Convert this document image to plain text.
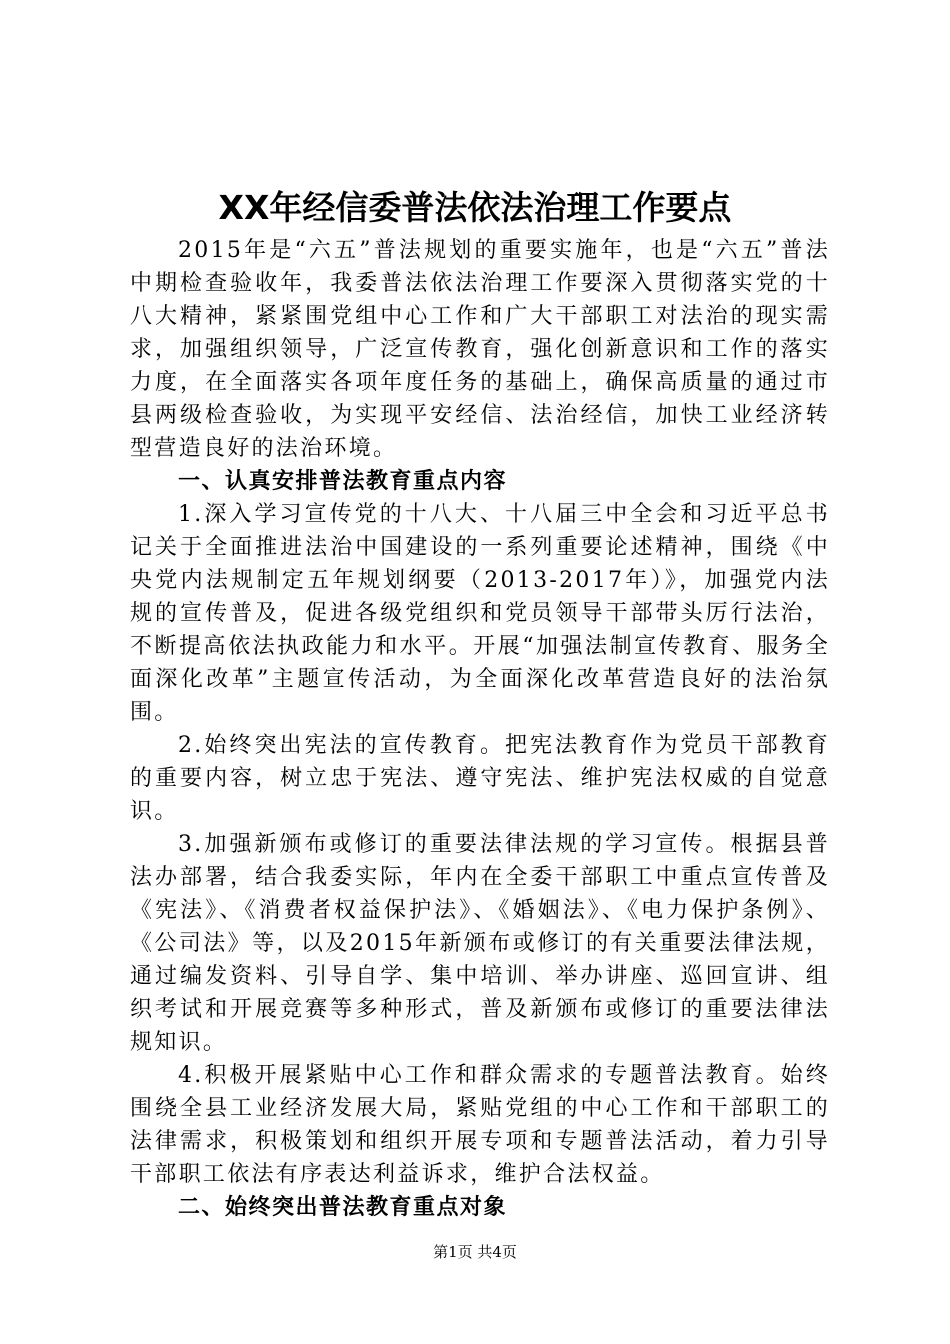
XX年经信委普法依法治理工作要点

2015年是“六五”普法规划的重要实施年，也是“六五”普法中期检查验收年，我委普法依法治理工作要深入贯彻落实党的十八大精神，紧紧围党组中心工作和广大干部职工对法治的现实需求，加强组织领导，广泛宣传教育，强化创新意识和工作的落实力度，在全面落实各项年度任务的基础上，确保高质量的通过市县两级检查验收，为实现平安经信、法治经信，加快工业经济转型营造良好的法治环境。

一、认真安排普法教育重点内容

1.深入学习宣传党的十八大、十八届三中全会和习近平总书记关于全面推进法治中国建设的一系列重要论述精神，围绕《中央党内法规制定五年规划纲要（2013-2017年）》，加强党内法规的宣传普及，促进各级党组织和党员领导干部带头厉行法治，不断提高依法执政能力和水平。开展“加强法制宣传教育、服务全面深化改革”主题宣传活动，为全面深化改革营造良好的法治氛围。

2.始终突出宪法的宣传教育。把宪法教育作为党员干部教育的重要内容，树立忠于宪法、遵守宪法、维护宪法权威的自觉意识。

3.加强新颁布或修订的重要法律法规的学习宣传。根据县普法办部署，结合我委实际，年内在全委干部职工中重点宣传普及《宪法》、《消费者权益保护法》、《婚姻法》、《电力保护条例》、《公司法》等，以及2015年新颁布或修订的有关重要法律法规，通过编发资料、引导自学、集中培训、举办讲座、巡回宣讲、组织考试和开展竞赛等多种形式，普及新颁布或修订的重要法律法规知识。

4.积极开展紧贴中心工作和群众需求的专题普法教育。始终围绕全县工业经济发展大局，紧贴党组的中心工作和干部职工的法律需求，积极策划和组织开展专项和专题普法活动，着力引导干部职工依法有序表达利益诉求，维护合法权益。

二、始终突出普法教育重点对象

第1页 共4页
